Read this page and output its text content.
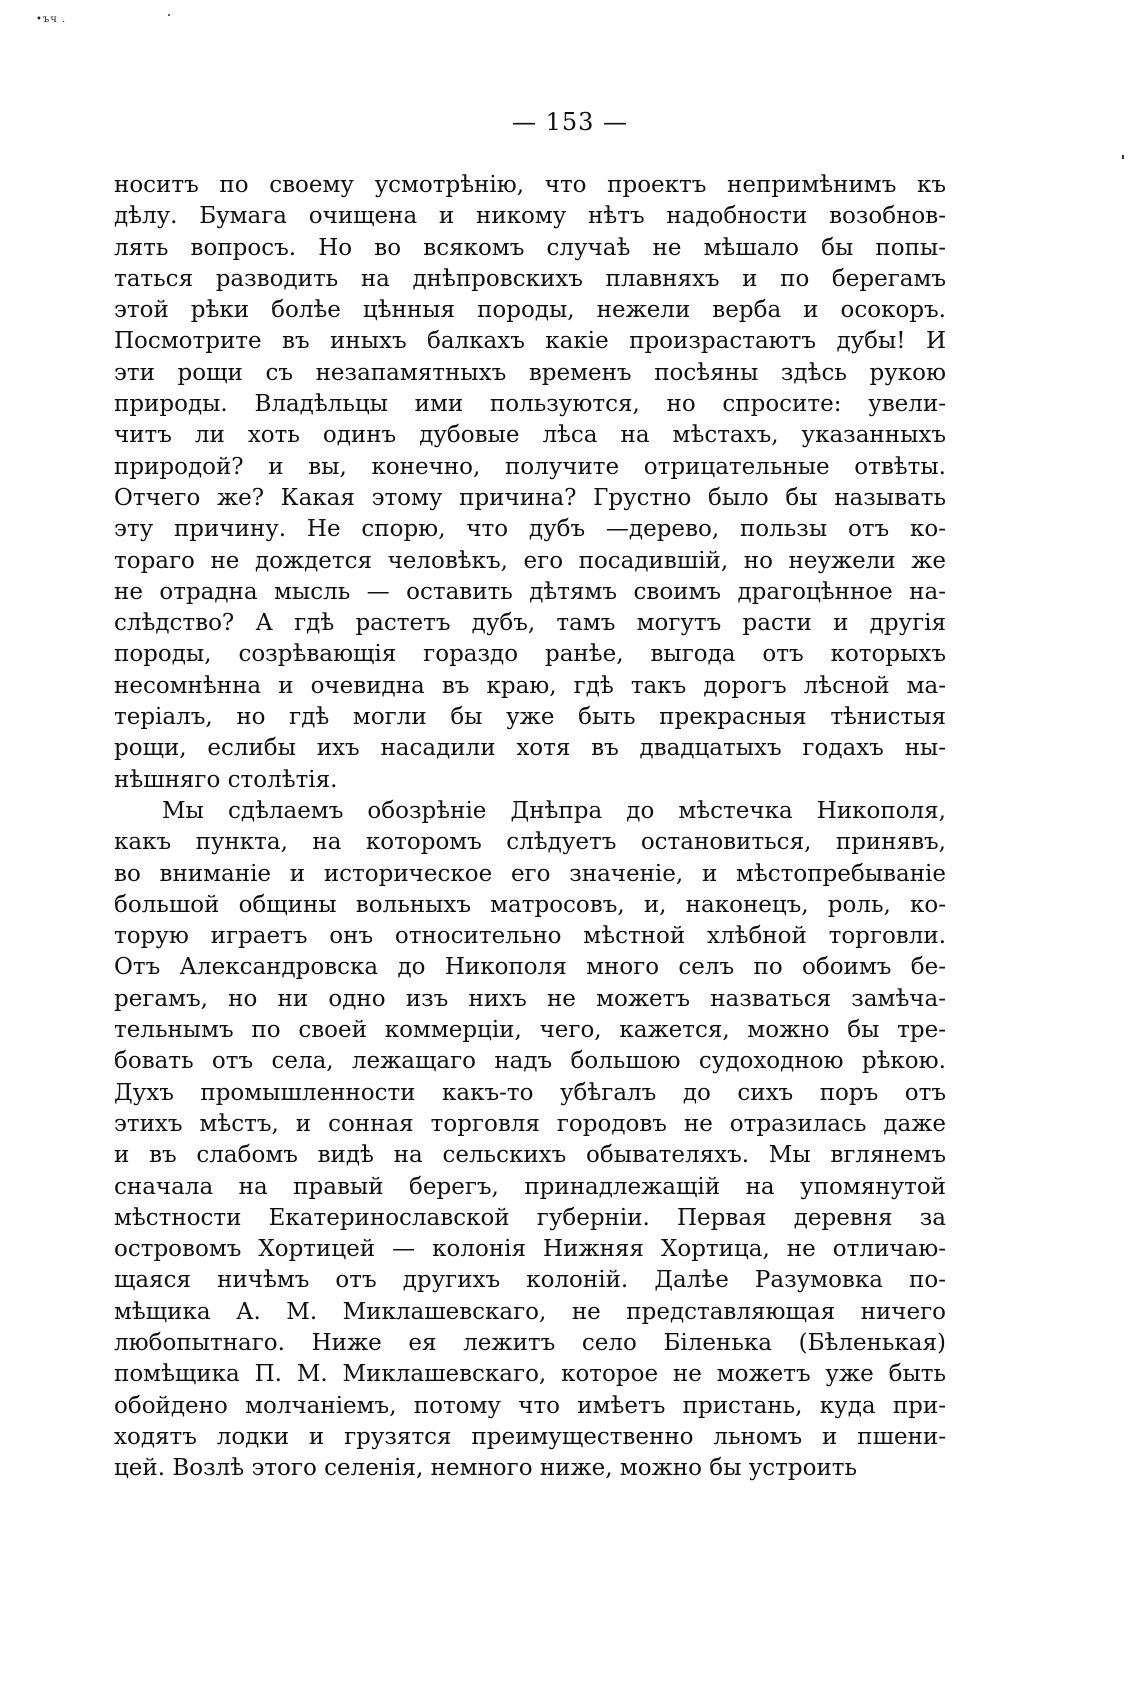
•ъч .
— 153 —
носитъ по своему усмотрѣнію, что проектъ непримѣнимъ къ
дѣлу. Бумага очищена и никому нѣтъ надобности возобнов-
лять вопросъ. Но во всякомъ случаѣ не мѣшало бы попы-
таться разводить на днѣпровскихъ плавняхъ и по берегамъ
этой рѣки болѣе цѣнныя породы, нежели верба и осокоръ.
Посмотрите въ иныхъ балкахъ какіе произрастаютъ дубы! И
эти рощи съ незапамятныхъ временъ посѣяны здѣсь рукою
природы. Владѣльцы ими пользуются, но спросите: увели-
читъ ли хоть одинъ дубовые лѣса на мѣстахъ, указанныхъ
природой? и вы, конечно, получите отрицательные отвѣты.
Отчего же? Какая этому причина? Грустно было бы называть
эту причину. Не спорю, что дубъ —дерево, пользы отъ ко-
тораго не дождется человѣкъ, его посадившій, но неужели же
не отрадна мысль — оставить дѣтямъ своимъ драгоцѣнное на-
слѣдство? А гдѣ растетъ дубъ, тамъ могутъ расти и другія
породы, созрѣвающія гораздо ранѣе, выгода отъ которыхъ
несомнѣнна и очевидна въ краю, гдѣ такъ дорогъ лѣсной ма-
теріалъ, но гдѣ могли бы уже быть прекрасныя тѣнистыя
рощи, еслибы ихъ насадили хотя въ двадцатыхъ годахъ ны-
нѣшняго столѣтія.
Мы сдѣлаемъ обозрѣніе Днѣпра до мѣстечка Никополя,
какъ пункта, на которомъ слѣдуетъ остановиться, принявъ,
во вниманіе и историческое его значеніе, и мѣстопребываніе
большой общины вольныхъ матросовъ, и, наконецъ, роль, ко-
торую играетъ онъ относительно мѣстной хлѣбной торговли.
Отъ Александровска до Никополя много селъ по обоимъ бе-
регамъ, но ни одно изъ нихъ не можетъ назваться замѣча-
тельнымъ по своей коммерціи, чего, кажется, можно бы тре-
бовать отъ села, лежащаго надъ большою судоходною рѣкою.
Духъ промышленности какъ-то убѣгалъ до сихъ поръ отъ
этихъ мѣстъ, и сонная торговля городовъ не отразилась даже
и въ слабомъ видѣ на сельскихъ обывателяхъ. Мы вглянемъ
сначала на правый берегъ, принадлежащій на упомянутой
мѣстности Екатеринославской губерніи. Первая деревня за
островомъ Хортицей — колонія Нижняя Хортица, не отличаю-
щаяся ничѣмъ отъ другихъ колоній. Далѣе Разумовка по-
мѣщика А. М. Миклашевскаго, не представляющая ничего
любопытнаго. Ниже ея лежитъ село Біленька (Бѣленькая)
помѣщика П. М. Миклашевскаго, которое не можетъ уже быть
обойдено молчаніемъ, потому что имѣетъ пристань, куда при-
ходятъ лодки и грузятся преимущественно льномъ и пшени-
цей. Возлѣ этого селенія, немного ниже, можно бы устроить
